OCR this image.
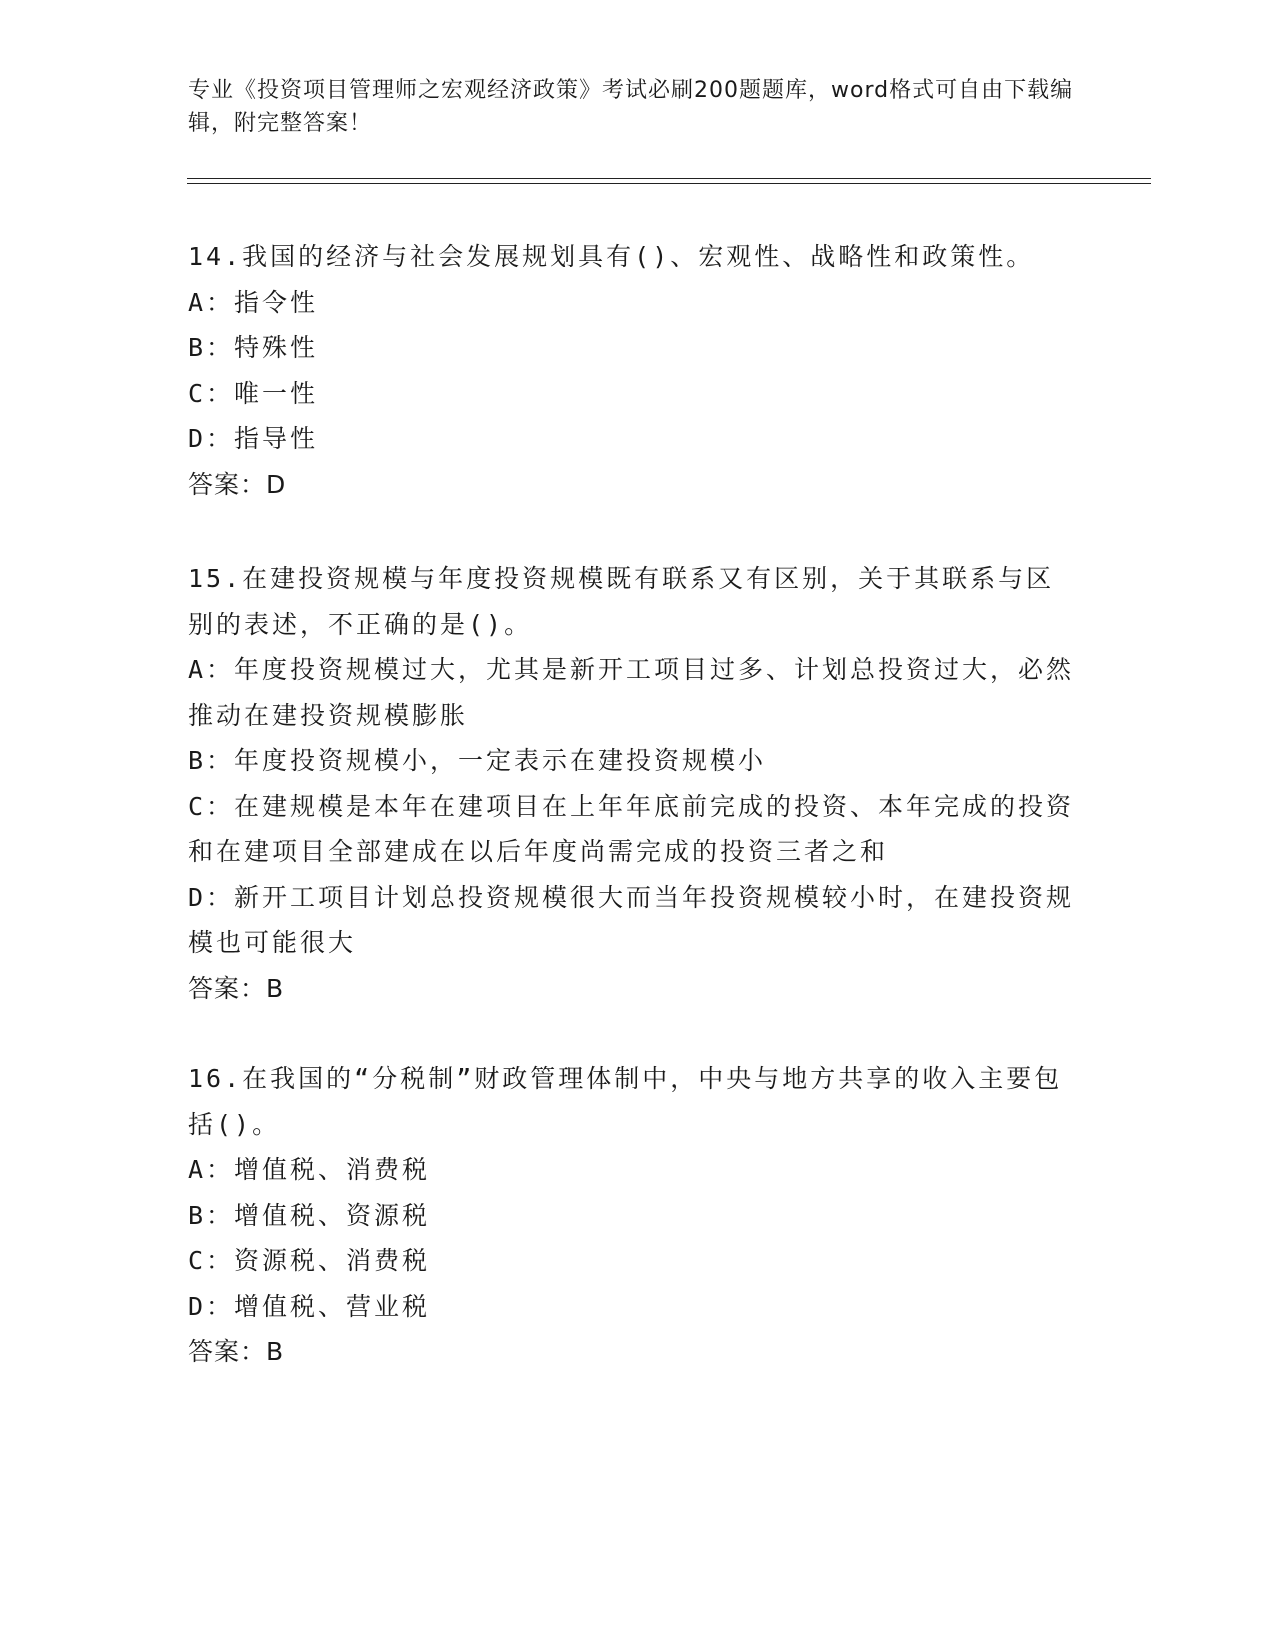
专业《投资项目管理师之宏观经济政策》考试必刷200题题库，word格式可自由下载编辑，附完整答案！
14.我国的经济与社会发展规划具有()、宏观性、战略性和政策性。
A：指令性
B：特殊性
C：唯一性
D：指导性
答案：D
15.在建投资规模与年度投资规模既有联系又有区别，关于其联系与区别的表述，不正确的是()。
A：年度投资规模过大，尤其是新开工项目过多、计划总投资过大，必然推动在建投资规模膨胀
B：年度投资规模小，一定表示在建投资规模小
C：在建规模是本年在建项目在上年年底前完成的投资、本年完成的投资和在建项目全部建成在以后年度尚需完成的投资三者之和
D：新开工项目计划总投资规模很大而当年投资规模较小时，在建投资规模也可能很大
答案：B
16.在我国的“分税制”财政管理体制中，中央与地方共享的收入主要包括()。
A：增值税、消费税
B：增值税、资源税
C：资源税、消费税
D：增值税、营业税
答案：B
